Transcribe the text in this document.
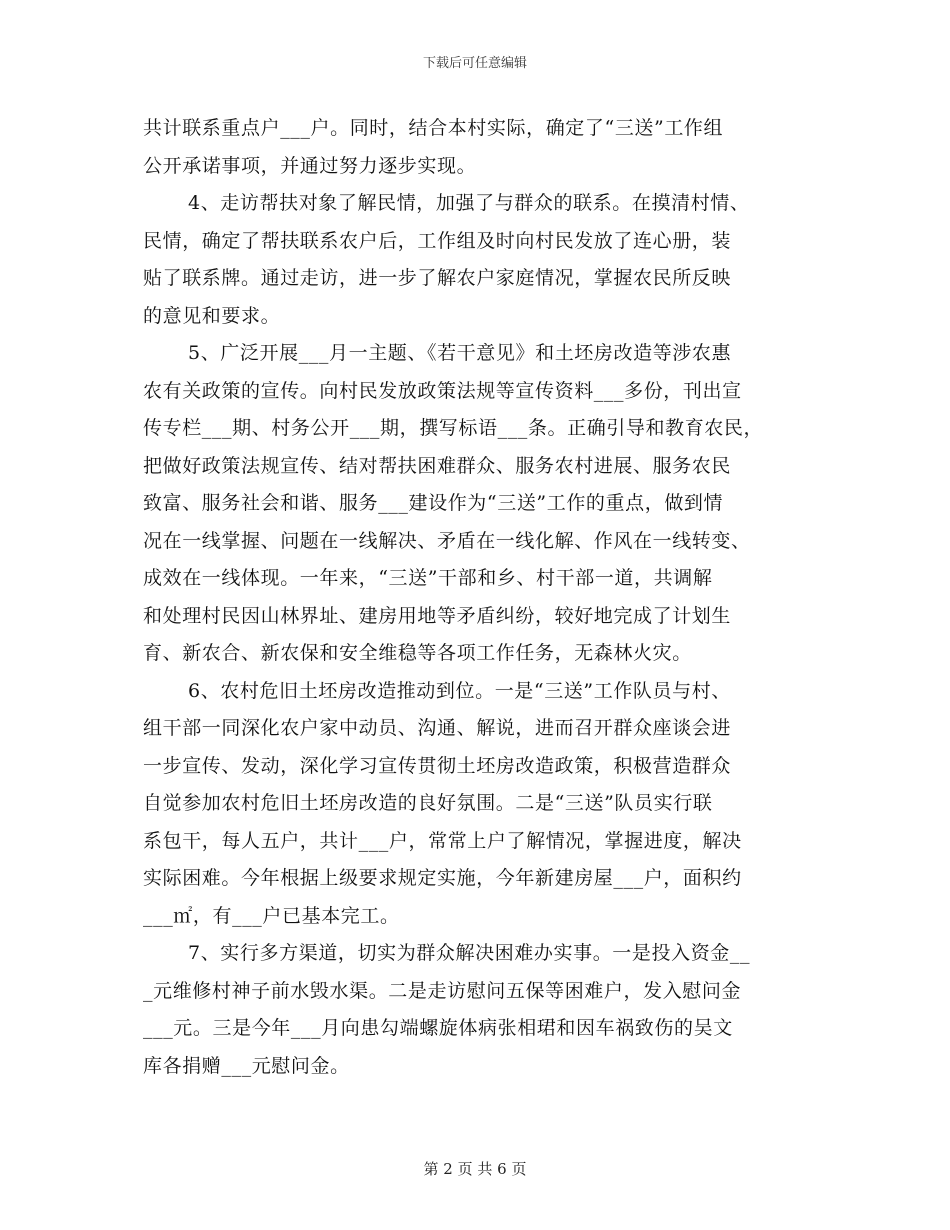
下载后可任意编辑

共计联系重点户___户。同时，结合本村实际，确定了“三送”工作组
公开承诺事项，并通过努力逐步实现。

4、走访帮扶对象了解民情，加强了与群众的联系。在摸清村情、
民情，确定了帮扶联系农户后，工作组及时向村民发放了连心册，装
贴了联系牌。通过走访，进一步了解农户家庭情况，掌握农民所反映
的意见和要求。

5、广泛开展___月一主题、《若干意见》和土坯房改造等涉农惠
农有关政策的宣传。向村民发放政策法规等宣传资料___多份，刊出宣
传专栏___期、村务公开___期，撰写标语___条。正确引导和教育农民，
把做好政策法规宣传、结对帮扶困难群众、服务农村进展、服务农民
致富、服务社会和谐、服务___建设作为“三送”工作的重点，做到情
况在一线掌握、问题在一线解决、矛盾在一线化解、作风在一线转变、
成效在一线体现。一年来，“三送”干部和乡、村干部一道，共调解
和处理村民因山林界址、建房用地等矛盾纠纷，较好地完成了计划生
育、新农合、新农保和安全维稳等各项工作任务，无森林火灾。

6、农村危旧土坯房改造推动到位。一是“三送”工作队员与村、
组干部一同深化农户家中动员、沟通、解说，进而召开群众座谈会进
一步宣传、发动，深化学习宣传贯彻土坯房改造政策，积极营造群众
自觉参加农村危旧土坯房改造的良好氛围。二是“三送”队员实行联
系包干，每人五户，共计___户，常常上户了解情况，掌握进度，解决
实际困难。今年根据上级要求规定实施，今年新建房屋___户，面积约
___㎡，有___户已基本完工。

7、实行多方渠道，切实为群众解决困难办实事。一是投入资金__
_元维修村神子前水毁水渠。二是走访慰问五保等困难户，发入慰问金
___元。三是今年___月向患勾端螺旋体病张相珺和因车祸致伤的吴文
库各捐赠___元慰问金。

第 2 页 共 6 页
